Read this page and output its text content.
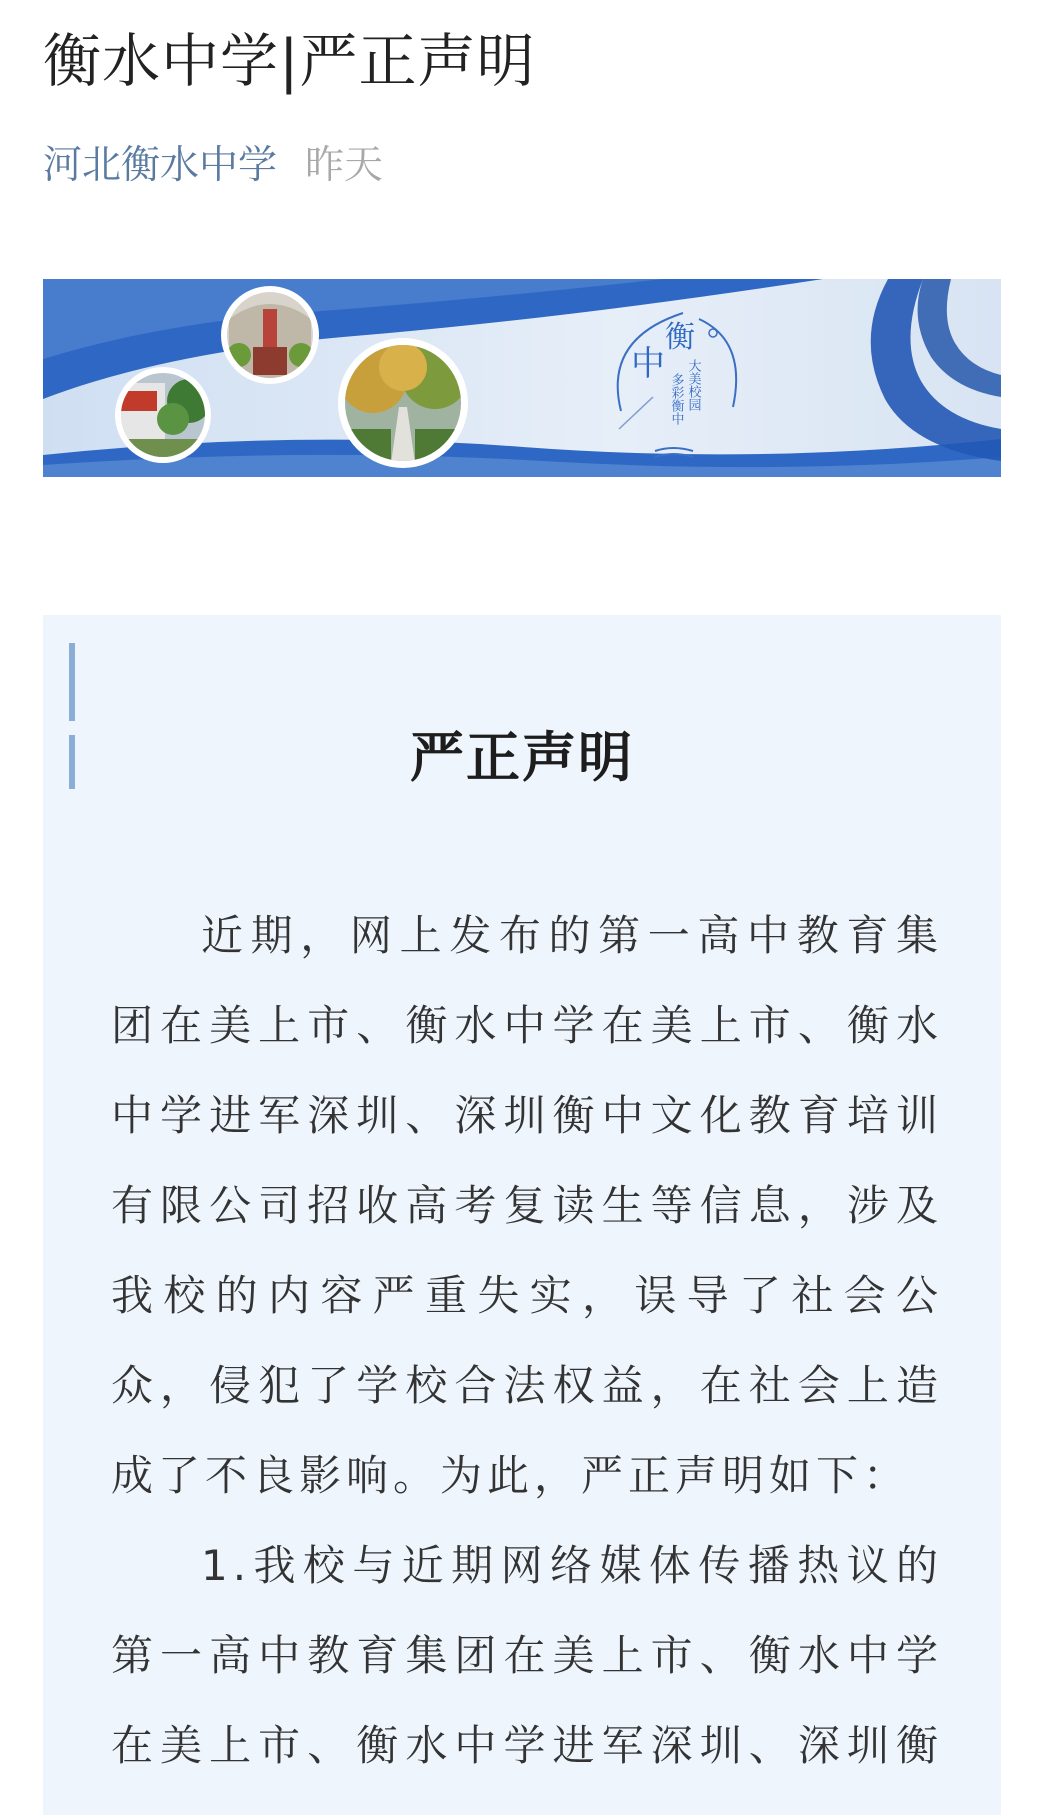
衡水中学|严正声明
河北衡水中学 昨天
中
衡
大美校园
多彩衡中
严正声明
近期，网上发布的第一高中教育集
团在美上市、衡水中学在美上市、衡水
中学进军深圳、深圳衡中文化教育培训
有限公司招收高考复读生等信息，涉及
我校的内容严重失实，误导了社会公
众，侵犯了学校合法权益，在社会上造
成了不良影响。为此，严正声明如下：
1.我校与近期网络媒体传播热议的
第一高中教育集团在美上市、衡水中学
在美上市、衡水中学进军深圳、深圳衡
